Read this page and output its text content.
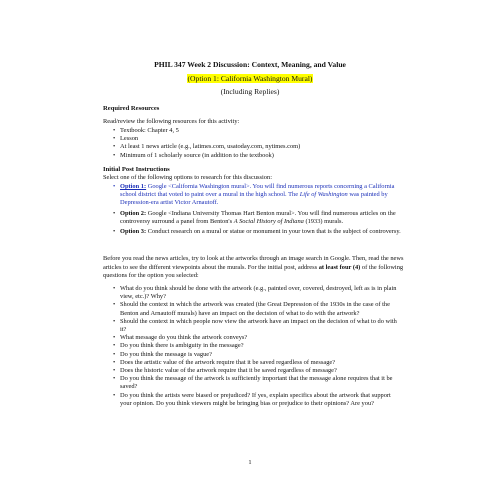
PHIL 347 Week 2 Discussion: Context, Meaning, and Value
(Option 1: California Washington Mural)
(Including Replies)
Required Resources
Read/review the following resources for this activity:
• Textbook: Chapter 4, 5
• Lesson
• At least 1 news article (e.g., latimes.com, usatoday.com, nytimes.com)
• Minimum of 1 scholarly source (in addition to the textbook)
Initial Post Instructions
Select one of the following options to research for this discussion:
• Option 1: Google <California Washington mural>. You will find numerous reports concerning a California school district that voted to paint over a mural in the high school. The Life of Washington was painted by Depression-era artist Victor Arnautoff.
• Option 2: Google <Indiana University Thomas Hart Benton mural>. You will find numerous articles on the controversy surround a panel from Benton's A Social History of Indiana (1933) murals.
• Option 3: Conduct research on a mural or statue or monument in your town that is the subject of controversy.
Before you read the news articles, try to look at the artworks through an image search in Google. Then, read the news articles to see the different viewpoints about the murals. For the initial post, address at least four (4) of the following questions for the option you selected:
• What do you think should be done with the artwork (e.g., painted over, covered, destroyed, left as is in plain view, etc.)? Why?
• Should the context in which the artwork was created (the Great Depression of the 1930s in the case of the Benton and Arnautoff murals) have an impact on the decision of what to do with the artwork?
• Should the context in which people now view the artwork have an impact on the decision of what to do with it?
• What message do you think the artwork conveys?
• Do you think there is ambiguity in the message?
• Do you think the message is vague?
• Does the artistic value of the artwork require that it be saved regardless of message?
• Does the historic value of the artwork require that it be saved regardless of message?
• Do you think the message of the artwork is sufficiently important that the message alone requires that it be saved?
• Do you think the artists were biased or prejudiced? If yes, explain specifics about the artwork that support your opinion. Do you think viewers might be bringing bias or prejudice to their opinions? Are you?
1
